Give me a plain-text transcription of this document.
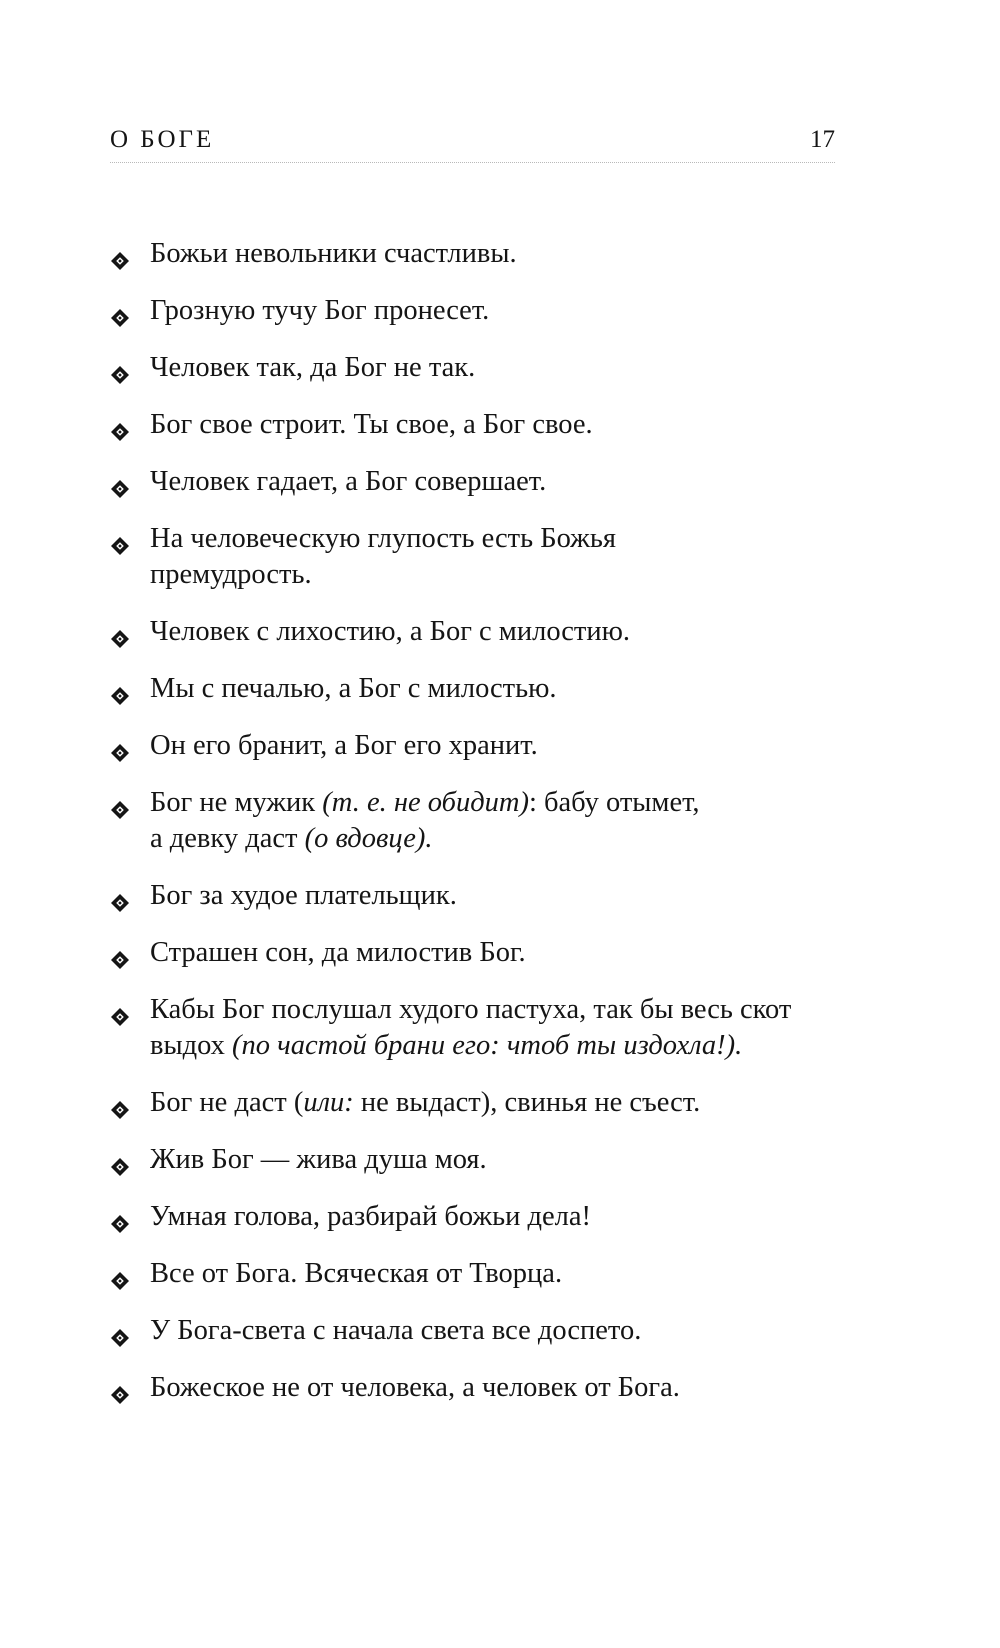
О БОГЕ	17
Божьи невольники счастливы.
Грозную тучу Бог пронесет.
Человек так, да Бог не так.
Бог свое строит. Ты свое, а Бог свое.
Человек гадает, а Бог совершает.
На человеческую глупость есть Божья
премудрость.
Человек с лихостию, а Бог с милостию.
Мы с печалью, а Бог с милостью.
Он его бранит, а Бог его хранит.
Бог не мужик (т. е. не обидит): бабу отымет,
а девку даст (о вдовце).
Бог за худое плательщик.
Страшен сон, да милостив Бог.
Кабы Бог послушал худого пастуха, так бы весь скот
выдох (по частой брани его: чтоб ты издохла!).
Бог не даст (или: не выдаст), свинья не съест.
Жив Бог — жива душа моя.
Умная голова, разбирай божьи дела!
Все от Бога. Всяческая от Творца.
У Бога-света с начала света все доспето.
Божеское не от человека, а человек от Бога.
